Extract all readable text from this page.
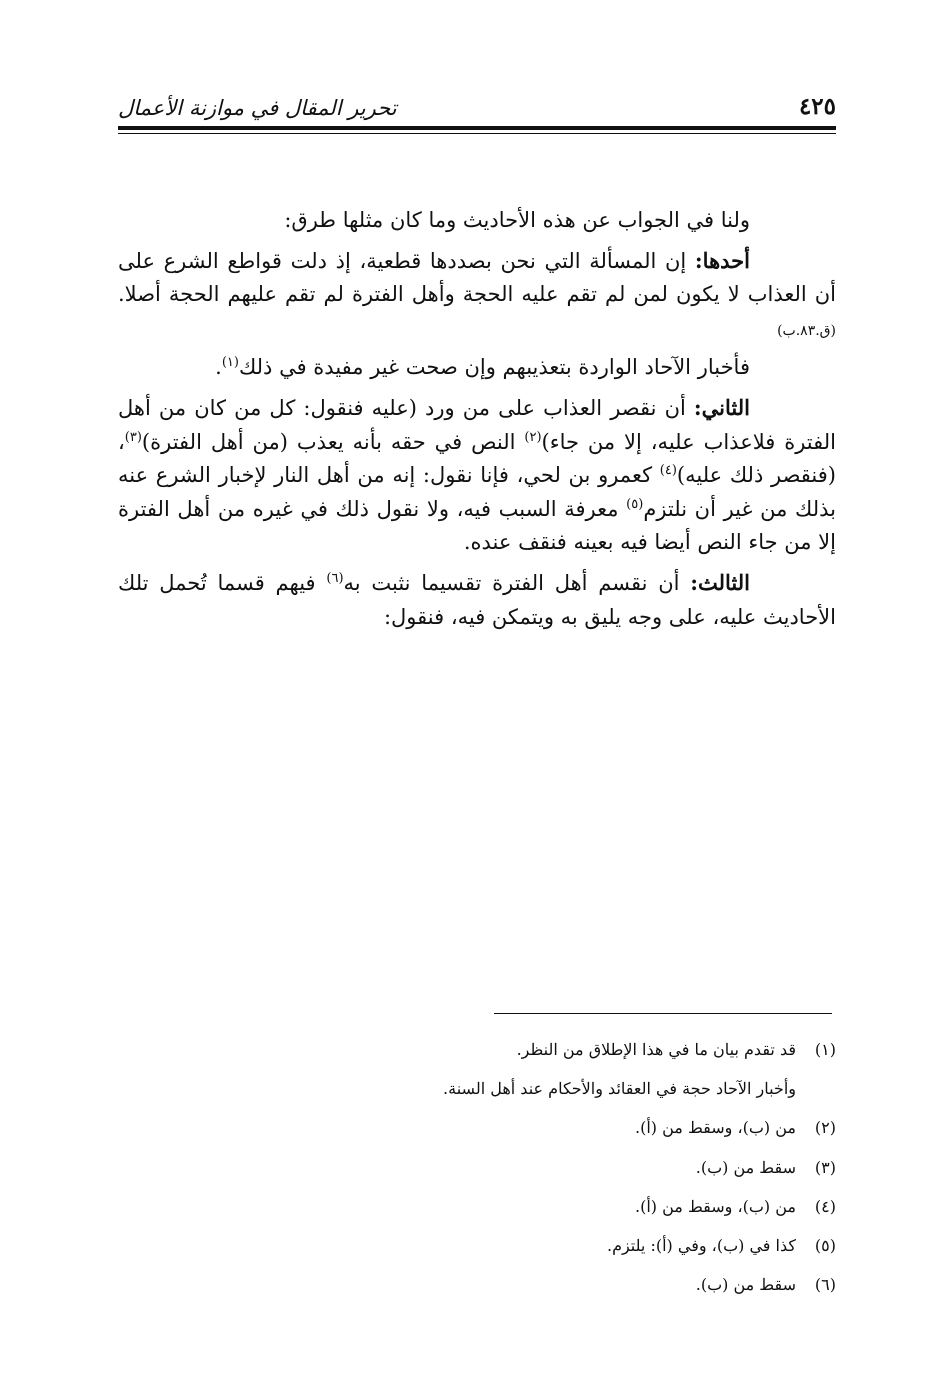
٤٢٥
تحرير المقال في موازنة الأعمال

ولنا في الجواب عن هذه الأحاديث وما كان مثلها طرق:

أحدها: إن المسألة التي نحن بصددها قطعية، إذ دلت قواطع الشرع على أن العذاب لا يكون لمن لم تقم عليه الحجة وأهل الفترة لم تقم عليهم الحجة أصلا. (ق.٨٣.ب)

فأخبار الآحاد الواردة بتعذيبهم وإن صحت غير مفيدة في ذلك$^{(١)}$.

الثاني: أن نقصر العذاب على من ورد (عليه فنقول: كل من كان من أهل الفترة فلاعذاب عليه، إلا من جاء)$^{(٢)}$ النص في حقه بأنه يعذب (من أهل الفترة)$^{(٣)}$، (فنقصر ذلك عليه)$^{(٤)}$ كعمرو بن لحي، فإنا نقول: إنه من أهل النار لإخبار الشرع عنه بذلك من غير أن نلتزم$^{(٥)}$ معرفة السبب فيه، ولا نقول ذلك في غيره من أهل الفترة إلا من جاء النص أيضا فيه بعينه فنقف عنده.

الثالث: أن نقسم أهل الفترة تقسيما نثبت به$^{(٦)}$ فيهم قسما تُحمل تلك الأحاديث عليه، على وجه يليق به ويتمكن فيه، فنقول:

(١)قد تقدم بيان ما في هذا الإطلاق من النظر.
وأخبار الآحاد حجة في العقائد والأحكام عند أهل السنة.
(٢)من (ب)، وسقط من (أ).
(٣)سقط من (ب).
(٤)من (ب)، وسقط من (أ).
(٥)كذا في (ب)، وفي (أ): يلتزم.
(٦)سقط من (ب).
